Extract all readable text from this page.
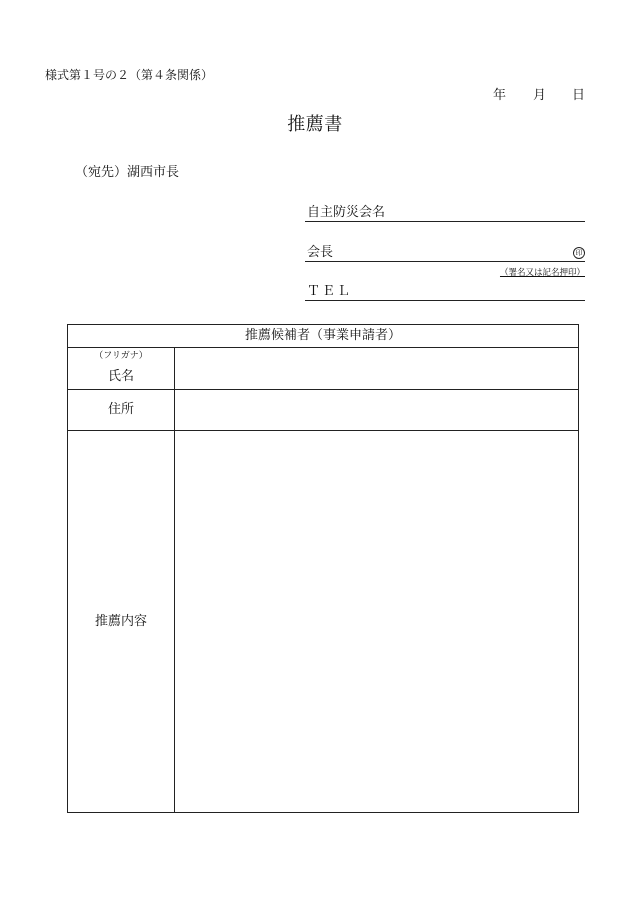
様式第１号の２（第４条関係）
年 月 日
推薦書
（宛先）湖西市長
自主防災会名
会長	印
（署名又は記名押印）
ＴＥＬ
推薦候補者（事業申請者）	

（フリガナ）
氏名	

住所	
推薦内容	
